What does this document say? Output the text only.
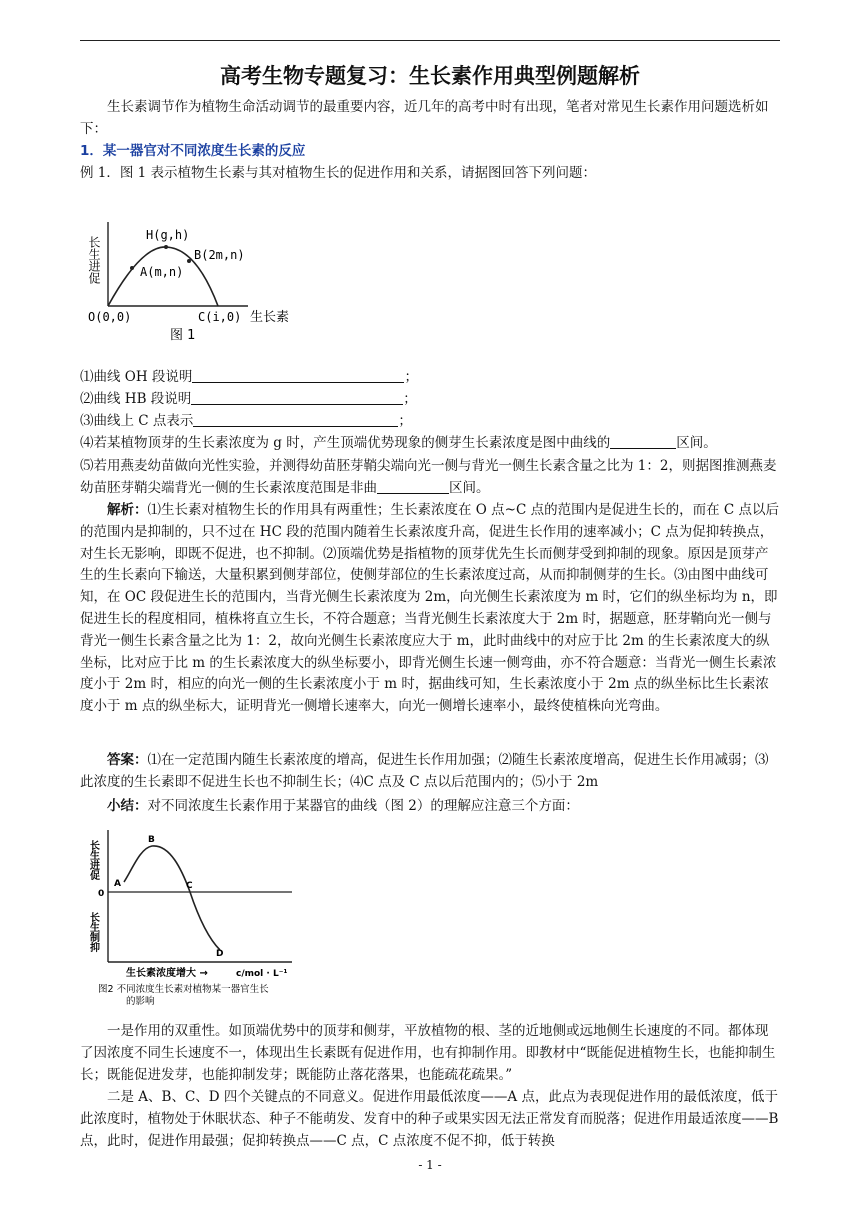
高考生物专题复习：生长素作用典型例题解析

生长素调节作为植物生命活动调节的最重要内容，近几年的高考中时有出现，笔者对常见生长素作用问题选析如下：

1．某一器官对不同浓度生长素的反应

例 1．图 1 表示植物生长素与其对植物生长的促进作用和关系，请据图回答下列问题：

长生进促
H(g,h)
B(2m,n)
A(m,n)
O(0,0)	C(i,0) 生长素
图 1

⑴曲线 OH 段说明	；

⑵曲线 HB 段说明	；

⑶曲线上 C 点表示	；

⑷若某植物顶芽的生长素浓度为 g 时，产生顶端优势现象的侧芽生长素浓度是图中曲线的	区间。

⑸若用燕麦幼苗做向光性实验，并测得幼苗胚芽鞘尖端向光一侧与背光一侧生长素含量之比为 1：2，则据图推测燕麦幼苗胚芽鞘尖端背光一侧的生长素浓度范围是非曲	区间。

解析：⑴生长素对植物生长的作用具有两重性；生长素浓度在 O 点~C 点的范围内是促进生长的，而在 C 点以后的范围内是抑制的，只不过在 HC 段的范围内随着生长素浓度升高，促进生长作用的速率减小；C 点为促抑转换点，对生长无影响，即既不促进，也不抑制。⑵顶端优势是指植物的顶芽优先生长而侧芽受到抑制的现象。原因是顶芽产生的生长素向下输送，大量积累到侧芽部位，使侧芽部位的生长素浓度过高，从而抑制侧芽的生长。⑶由图中曲线可知，在 OC 段促进生长的范围内，当背光侧生长素浓度为 2m，向光侧生长素浓度为 m 时，它们的纵坐标均为 n，即促进生长的程度相同，植株将直立生长，不符合题意；当背光侧生长素浓度大于 2m 时，据题意，胚芽鞘向光一侧与背光一侧生长素含量之比为 1：2，故向光侧生长素浓度应大于 m，此时曲线中的对应于比 2m 的生长素浓度大的纵坐标，比对应于比 m 的生长素浓度大的纵坐标要小，即背光侧生长速一侧弯曲，亦不符合题意：当背光一侧生长素浓度小于 2m 时，相应的向光一侧的生长素浓度小于 m 时，据曲线可知，生长素浓度小于 2m 点的纵坐标比生长素浓度小于 m 点的纵坐标大，证明背光一侧增长速率大，向光一侧增长速率小，最终使植株向光弯曲。

答案：⑴在一定范围内随生长素浓度的增高，促进生长作用加强；⑵随生长素浓度增高，促进生长作用减弱；⑶此浓度的生长素即不促进生长也不抑制生长；⑷C 点及 C 点以后范围内的；⑸小于 2m

小结：对不同浓度生长素作用于某器官的曲线（图 2）的理解应注意三个方面：

长生进促
长生制抑
0
A
B
C
D
生长素浓度增大 →	c/mol · L⁻¹
图2 不同浓度生长素对植物某一器官生长
的影响

一是作用的双重性。如顶端优势中的顶芽和侧芽，平放植物的根、茎的近地侧或远地侧生长速度的不同。都体现了因浓度不同生长速度不一，体现出生长素既有促进作用，也有抑制作用。即教材中“既能促进植物生长，也能抑制生长；既能促进发芽，也能抑制发芽；既能防止落花落果，也能疏花疏果。”

二是 A、B、C、D 四个关键点的不同意义。促进作用最低浓度——A 点，此点为表现促进作用的最低浓度，低于此浓度时，植物处于休眠状态、种子不能萌发、发育中的种子或果实因无法正常发育而脱落；促进作用最适浓度——B 点，此时，促进作用最强；促抑转换点——C 点，C 点浓度不促不抑，低于转换

- 1 -
